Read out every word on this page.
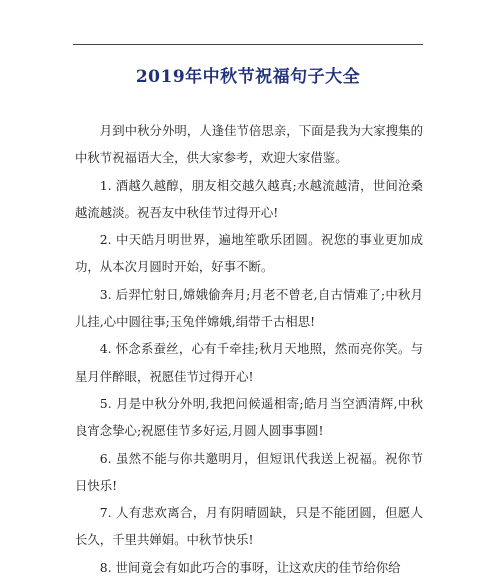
2019年中秋节祝福句子大全

月到中秋分外明，人逢佳节倍思亲，下面是我为大家搜集的中秋节祝福语大全，供大家参考，欢迎大家借鉴。

1. 酒越久越醇，朋友相交越久越真;水越流越清，世间沧桑越流越淡。祝吾友中秋佳节过得开心!

2. 中天皓月明世界，遍地笙歌乐团圆。祝您的事业更加成功，从本次月圆时开始，好事不断。

3. 后羿忙射日,嫦娥偷奔月;月老不曾老,自古情难了;中秋月儿挂,心中圆往事;玉兔伴嫦娥,绢带千古相思!

4. 怀念系蚕丝，心有千牵挂;秋月天地照，然而亮你笑。与星月伴醉眼，祝愿佳节过得开心!

5. 月是中秋分外明,我把问候遥相寄;皓月当空洒清辉,中秋良宵念挚心;祝愿佳节多好运,月圆人圆事事圆!

6. 虽然不能与你共邀明月，但短讯代我送上祝福。祝你节日快乐!

7. 人有悲欢离合，月有阴晴圆缺，只是不能团圆，但愿人长久，千里共婵娟。中秋节快乐!

8. 世间竟会有如此巧合的事呀，让这欢庆的佳节给你给
